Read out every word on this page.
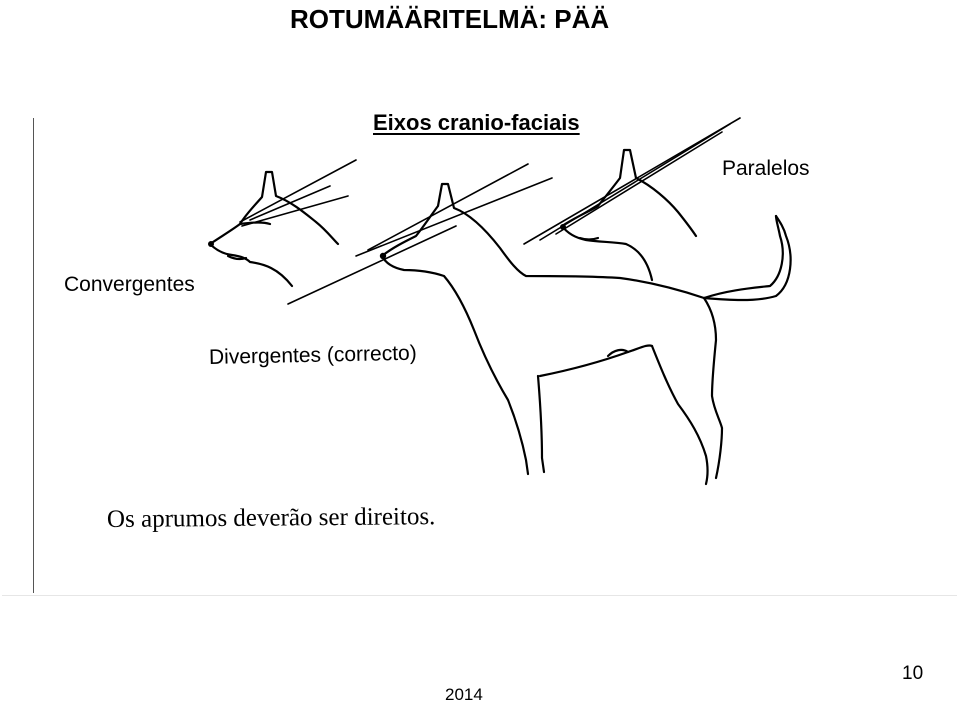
ROTUMÄÄRITELMÄ: PÄÄ
Eixos cranio-faciais
Paralelos
Convergentes
Divergentes (correcto)
Os aprumos deverão ser direitos.
2014
10
